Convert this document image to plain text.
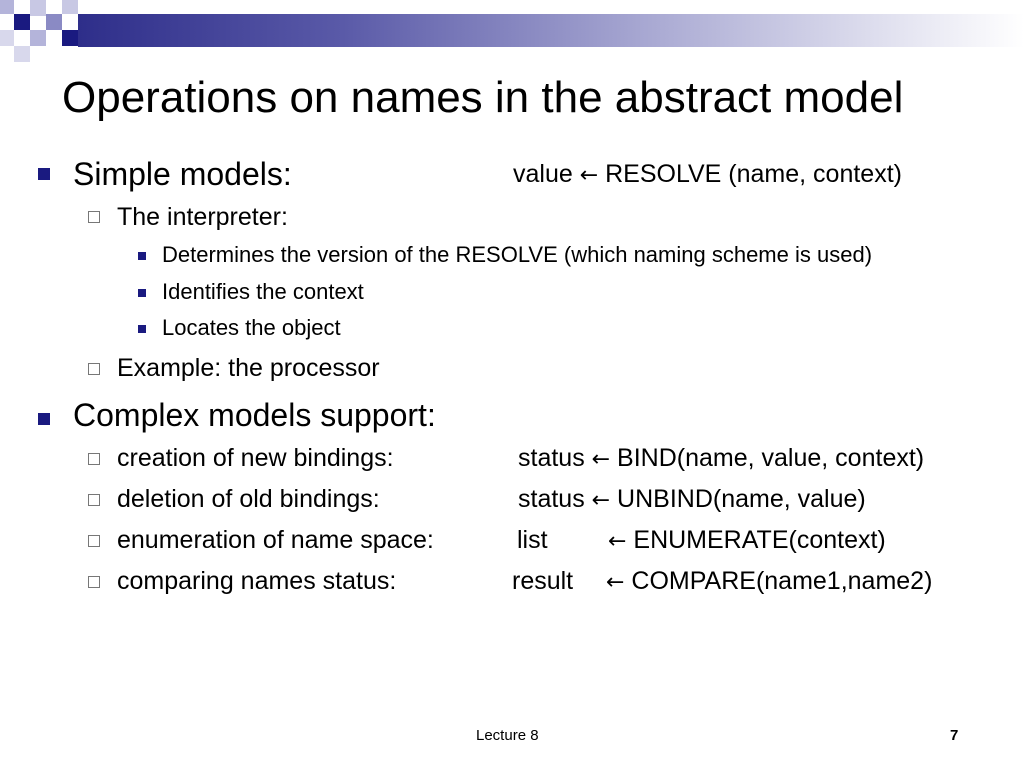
Operations on names in the abstract model
Simple models:	value ← RESOLVE (name, context)
The interpreter:
Determines the version of the RESOLVE (which naming scheme is used)
Identifies the context
Locates the object
Example: the processor
Complex models support:
creation of new bindings:	status ← BIND(name, value, context)
deletion of old bindings:	status ← UNBIND(name, value)
enumeration of name space:	list	← ENUMERATE(context)
comparing names status:	result ← COMPARE(name1,name2)
Lecture 8	7
